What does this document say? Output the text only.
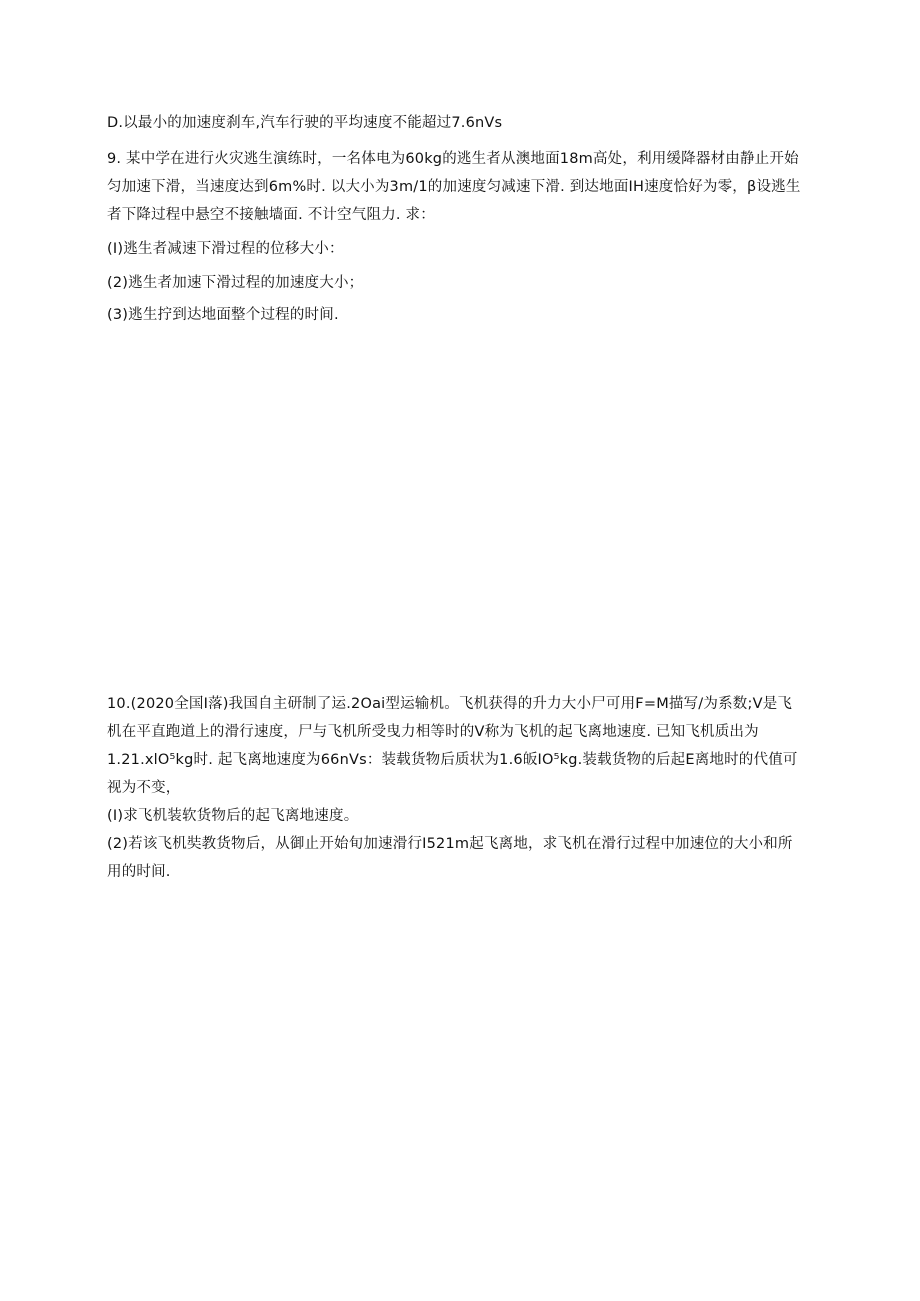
D.以最小的加速度刹车,汽车行驶的平均速度不能超过7.6nVs
9. 某中学在进行火灾逃生演练时，一名体电为60kg的逃生者从澳地面18m高处，利用缓降器材由静止开始
匀加速下滑，当速度达到6m%时. 以大小为3m∕1的加速度匀减速下滑. 到达地面IH速度恰好为零，β设逃生
者下降过程中悬空不接触墙面. 不计空气阻力. 求：
(I)逃生者减速下滑过程的位移大小：
(2)逃生者加速下滑过程的加速度大小；
(3)逃生拧到达地面整个过程的时间.
10.(2020全国I落)我国自主研制了运.2Oai型运输机。飞机获得的升力大小尸可用F=M描写/为系数;V是飞
机在平直跑道上的滑行速度，尸与飞机所受曳力相等时的V称为飞机的起飞离地速度. 已知飞机质出为
1.21.xlO⁵kg时. 起飞离地速度为66nVs：装载货物后质状为1.6皈IO⁵kg.装载货物的后起E离地时的代值可
视为不变，
(I)求飞机装软货物后的起飞离地速度。
(2)若该飞机奘教货物后，从御止开始旬加速滑行I521m起飞离地，求飞机在滑行过程中加速位的大小和所
用的时间.
